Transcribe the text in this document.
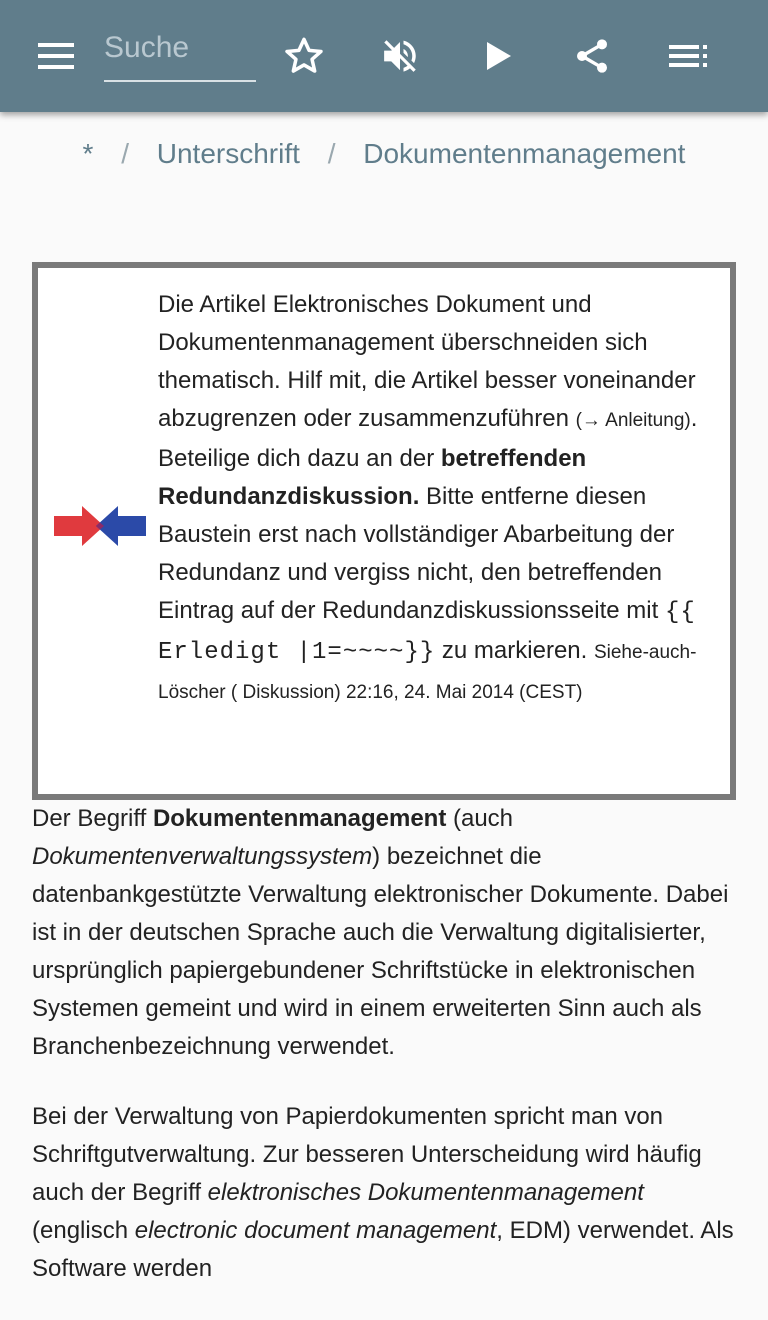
Suche
* / Unterschrift / Dokumentenmanagement
Die Artikel Elektronisches Dokument und Dokumentenmanagement überschneiden sich thematisch. Hilf mit, die Artikel besser voneinander abzugrenzen oder zusammenzuführen (→ Anleitung). Beteilige dich dazu an der betreffenden Redundanzdiskussion. Bitte entferne diesen Baustein erst nach vollständiger Abarbeitung der Redundanz und vergiss nicht, den betreffenden Eintrag auf der Redundanzdiskussionsseite mit {{ Erledigt |1=~~~~}} zu markieren. Siehe-auch-Löscher ( Diskussion) 22:16, 24. Mai 2014 (CEST)

Der Begriff Dokumentenmanagement (auch Dokumentenverwaltungssystem) bezeichnet die datenbankgestützte Verwaltung elektronischer Dokumente. Dabei ist in der deutschen Sprache auch die Verwaltung digitalisierter, ursprünglich papiergebundener Schriftstücke in elektronischen Systemen gemeint und wird in einem erweiterten Sinn auch als Branchenbezeichnung verwendet.

Bei der Verwaltung von Papierdokumenten spricht man von Schriftgutverwaltung. Zur besseren Unterscheidung wird häufig auch der Begriff elektronisches Dokumentenmanagement (englisch electronic document management, EDM) verwendet. Als Software werden
